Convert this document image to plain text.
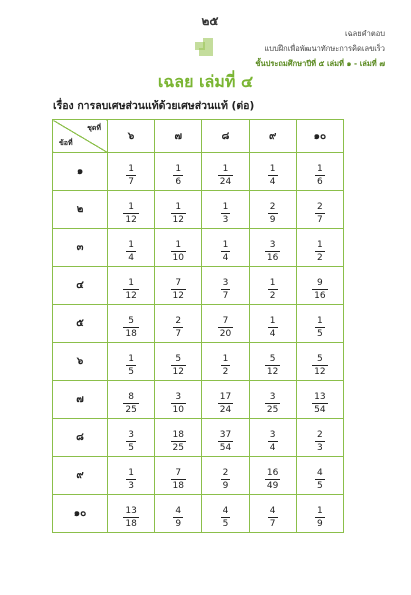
๒๕
เฉลยคำตอบ
แบบฝึกเพื่อพัฒนาทักษะการคิดเลขเร็ว
ชั้นประถมศึกษาปีที่ ๕ เล่มที่ ๑ - เล่มที่ ๗
เฉลย เล่มที่ ๔
เรื่อง การลบเศษส่วนแท้ด้วยเศษส่วนแท้ (ต่อ)
ชุดที่
ข้อที่	๖	๗	๘	๙	๑๐
๑	$\frac{1}{7}$	$\frac{1}{6}$	$\frac{1}{24}$	$\frac{1}{4}$	$\frac{1}{6}$

๒	$\frac{1}{12}$	$\frac{1}{12}$	$\frac{1}{3}$	$\frac{2}{9}$	$\frac{2}{7}$

๓	$\frac{1}{4}$	$\frac{1}{10}$	$\frac{1}{4}$	$\frac{3}{16}$	$\frac{1}{2}$

๔	$\frac{1}{12}$	$\frac{7}{12}$	$\frac{3}{7}$	$\frac{1}{2}$	$\frac{9}{16}$

๕	$\frac{5}{18}$	$\frac{2}{7}$	$\frac{7}{20}$	$\frac{1}{4}$	$\frac{1}{5}$

๖	$\frac{1}{5}$	$\frac{5}{12}$	$\frac{1}{2}$	$\frac{5}{12}$	$\frac{5}{12}$

๗	$\frac{8}{25}$	$\frac{3}{10}$	$\frac{17}{24}$	$\frac{3}{25}$	$\frac{13}{54}$

๘	$\frac{3}{5}$	$\frac{18}{25}$	$\frac{37}{54}$	$\frac{3}{4}$	$\frac{2}{3}$

๙	$\frac{1}{3}$	$\frac{7}{18}$	$\frac{2}{9}$	$\frac{16}{49}$	$\frac{4}{5}$

๑๐	$\frac{13}{18}$	$\frac{4}{9}$	$\frac{4}{5}$	$\frac{4}{7}$	$\frac{1}{9}$
